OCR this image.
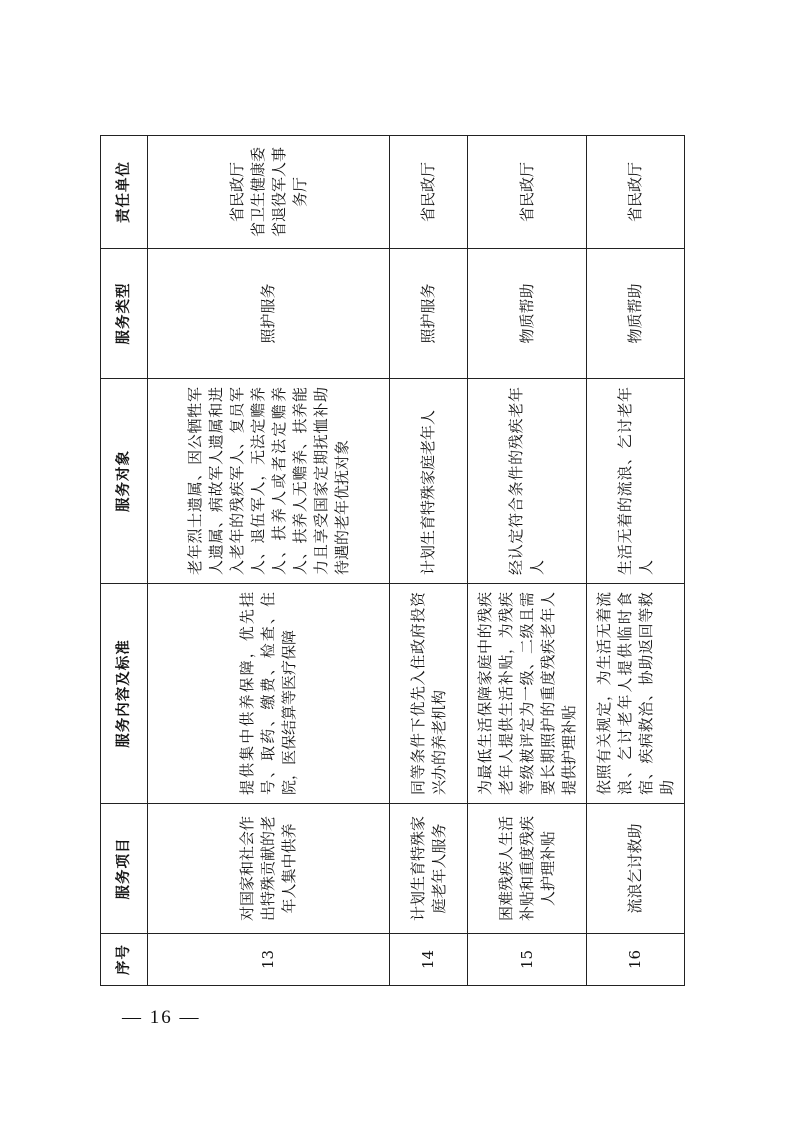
序号	服务项目	服务内容及标准	服务对象	服务类型	责任单位
13	对国家和社会作出特殊贡献的老年人集中供养	提供集中供养保障，优先挂号、取药、缴费、检查、住院，医保结算等医疗保障	老年烈士遗属、因公牺牲军人遗属、病故军人遗属和进入老年的残疾军人、复员军人、退伍军人，无法定赡养人、扶养人或者法定赡养人、扶养人无赡养、扶养能力且享受国家定期抚恤补助待遇的老年优抚对象	照护服务	省民政厅 省卫生健康委 省退役军人事务厅

14	计划生育特殊家庭老年人服务	同等条件下优先入住政府投资兴办的养老机构	计划生育特殊家庭老年人	照护服务	省民政厅

15	困难残疾人生活补贴和重度残疾人护理补贴	为最低生活保障家庭中的残疾老年人提供生活补贴，为残疾等级被评定为一级、二级且需要长期照护的重度残疾老年人提供护理补贴	经认定符合条件的残疾老年人	物质帮助	省民政厅

16	流浪乞讨救助	依照有关规定，为生活无着流浪、乞讨老年人提供临时食宿、疾病救治、协助返回等救助	生活无着的流浪、乞讨老年人	物质帮助	省民政厅
— 16 —
